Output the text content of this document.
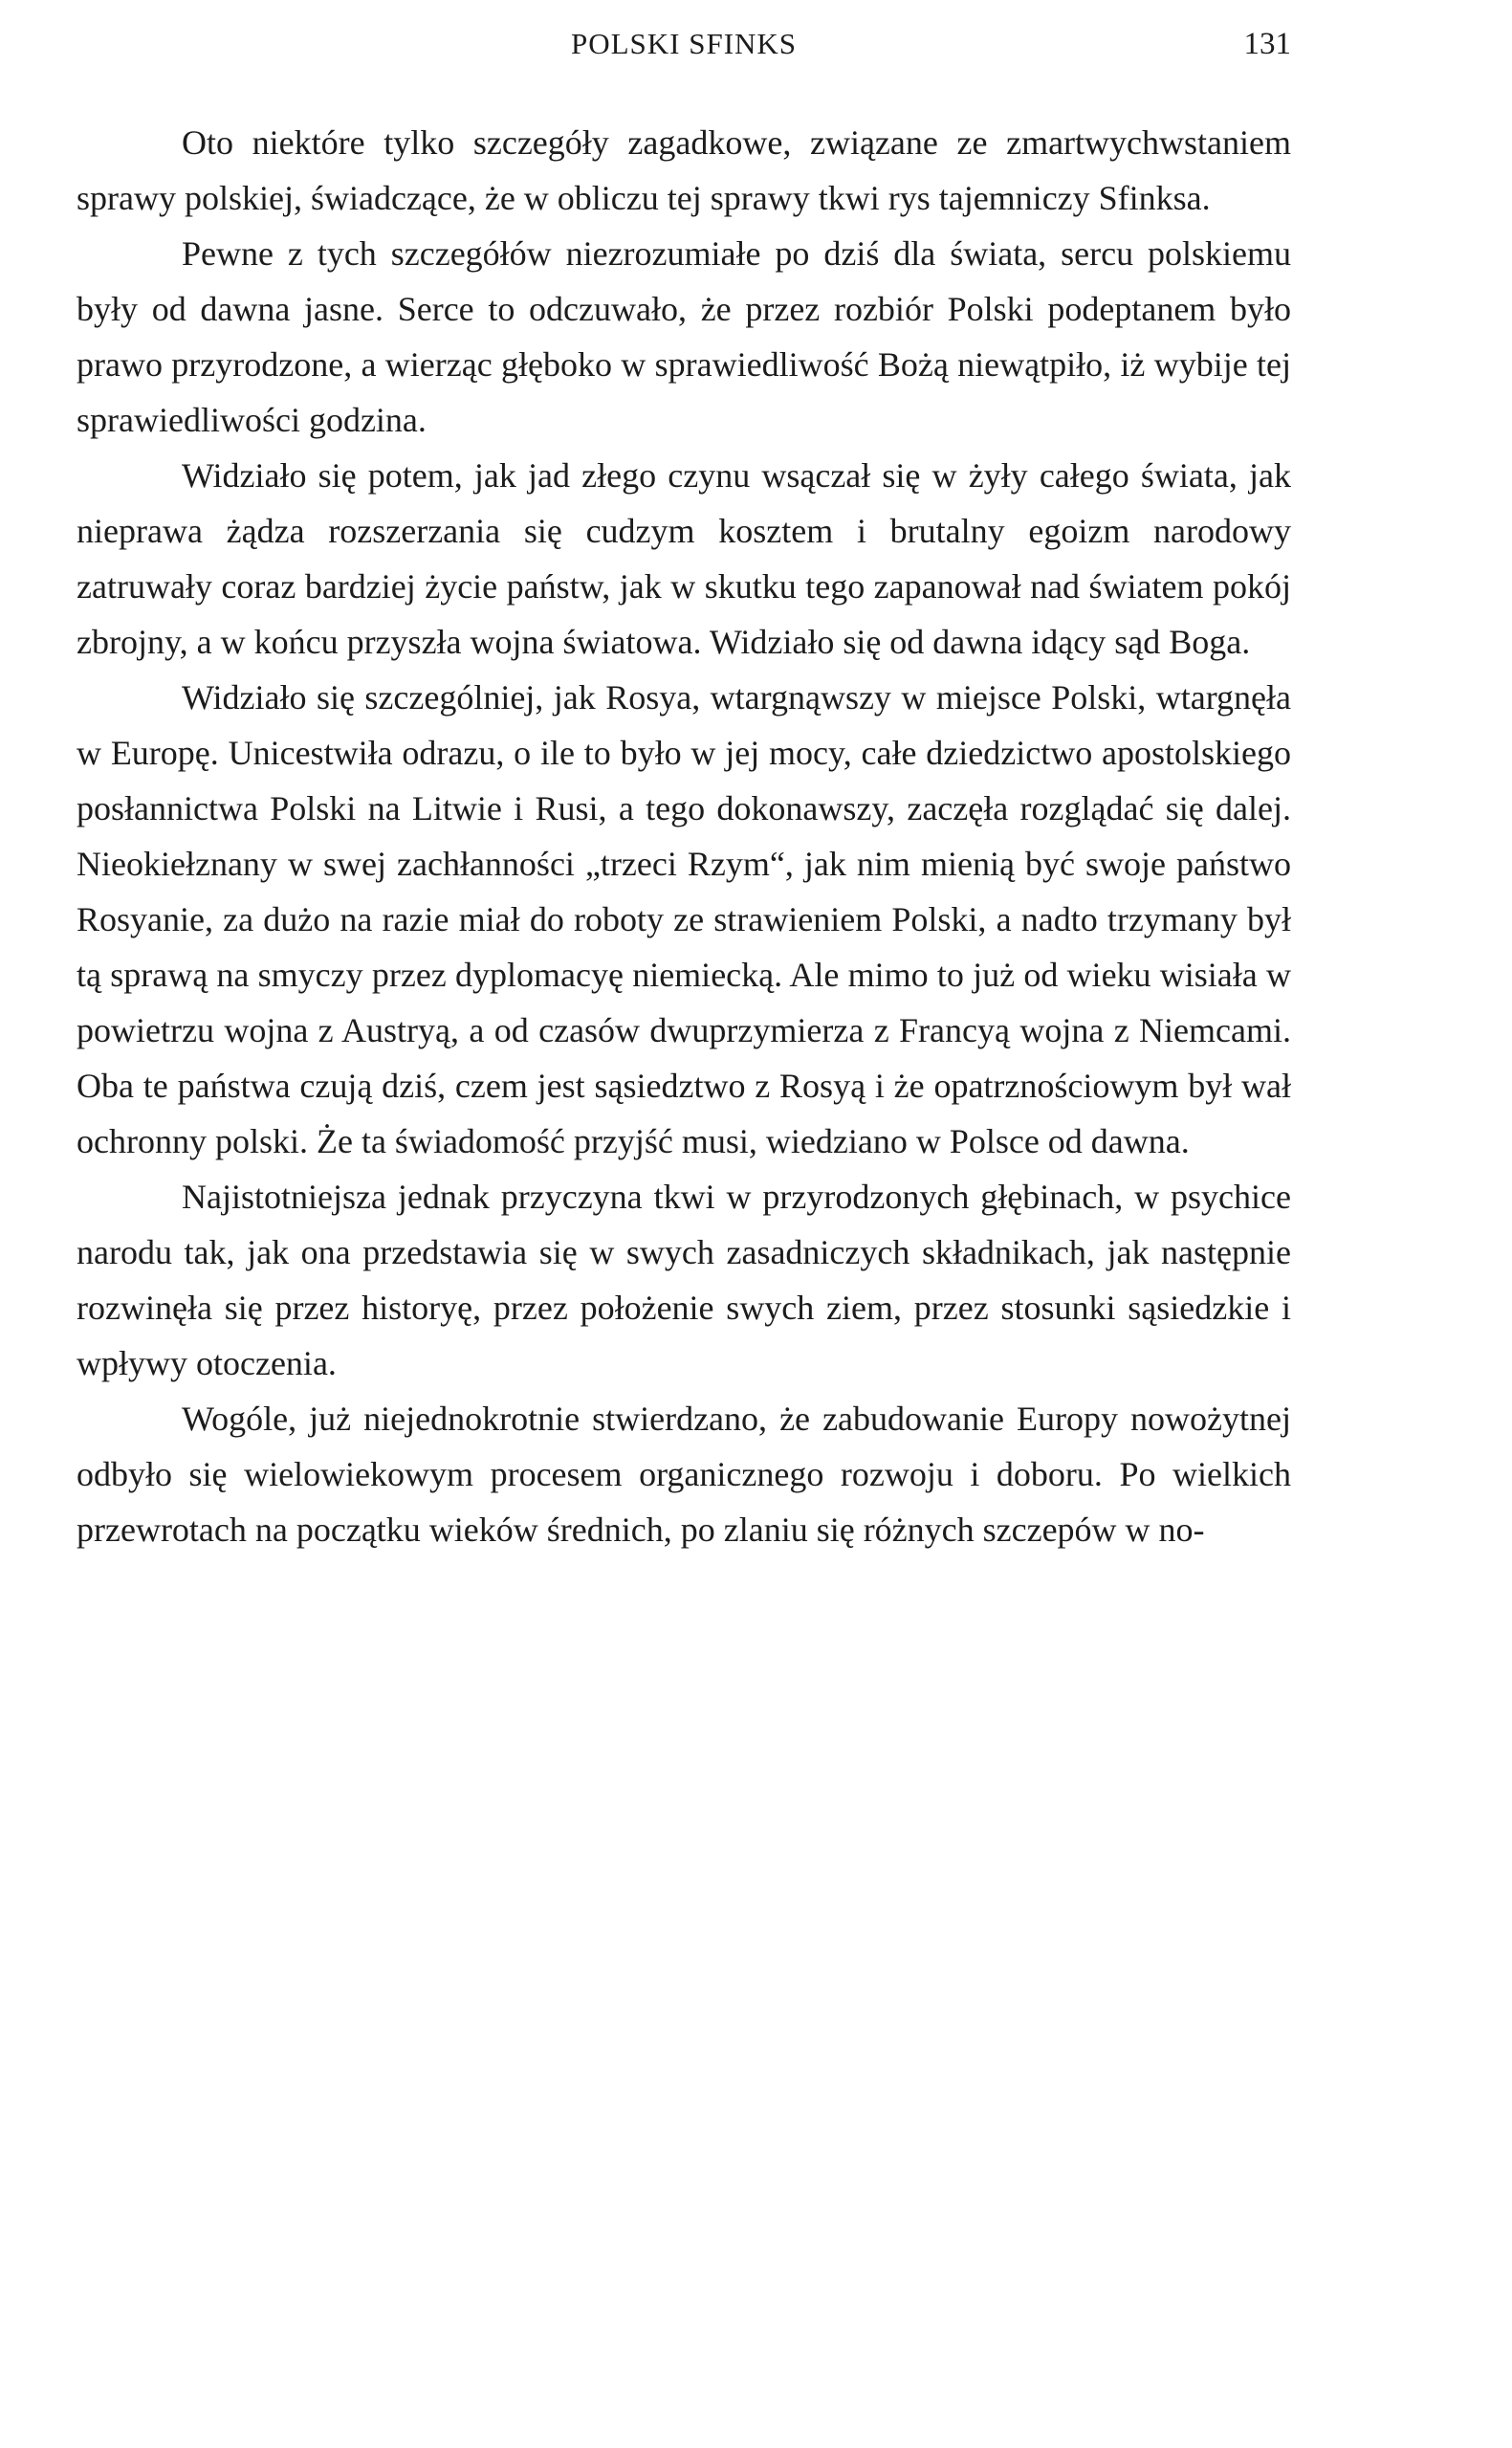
POLSKI SFINKS	131

Oto niektóre tylko szczegóły zagadkowe, związane ze zmartwychwstaniem sprawy polskiej, świadczące, że w obliczu tej sprawy tkwi rys tajemniczy Sfinksa.

Pewne z tych szczegółów niezrozumiałe po dziś dla świata, sercu polskiemu były od dawna jasne. Serce to odczuwało, że przez rozbiór Polski podeptanem było prawo przyrodzone, a wierząc głęboko w sprawiedliwość Bożą niewątpiło, iż wybije tej sprawiedliwości godzina.

Widziało się potem, jak jad złego czynu wsączał się w żyły całego świata, jak nieprawa żądza rozszerzania się cudzym kosztem i brutalny egoizm narodowy zatruwały coraz bardziej życie państw, jak w skutku tego zapanował nad światem pokój zbrojny, a w końcu przyszła wojna światowa. Widziało się od dawna idący sąd Boga.

Widziało się szczególniej, jak Rosya, wtargnąwszy w miejsce Polski, wtargnęła w Europę. Unicestwiła odrazu, o ile to było w jej mocy, całe dziedzictwo apostolskiego posłannictwa Polski na Litwie i Rusi, a tego dokonawszy, zaczęła rozglądać się dalej. Nieokiełznany w swej zachłanności „trzeci Rzym“, jak nim mienią być swoje państwo Rosyanie, za dużo na razie miał do roboty ze strawieniem Polski, a nadto trzymany był tą sprawą na smyczy przez dyplomacyę niemiecką. Ale mimo to już od wieku wisiała w powietrzu wojna z Austryą, a od czasów dwuprzymierza z Francyą wojna z Niemcami. Oba te państwa czują dziś, czem jest sąsiedztwo z Rosyą i że opatrznościowym był wał ochronny polski. Że ta świadomość przyjść musi, wiedziano w Polsce od dawna.

Najistotniejsza jednak przyczyna tkwi w przyrodzonych głębinach, w psychice narodu tak, jak ona przedstawia się w swych zasadniczych składnikach, jak następnie rozwinęła się przez historyę, przez położenie swych ziem, przez stosunki sąsiedzkie i wpływy otoczenia.

Wogóle, już niejednokrotnie stwierdzano, że zabudowanie Europy nowożytnej odbyło się wielowiekowym procesem organicznego rozwoju i doboru. Po wielkich przewrotach na początku wieków średnich, po zlaniu się różnych szczepów w no-
